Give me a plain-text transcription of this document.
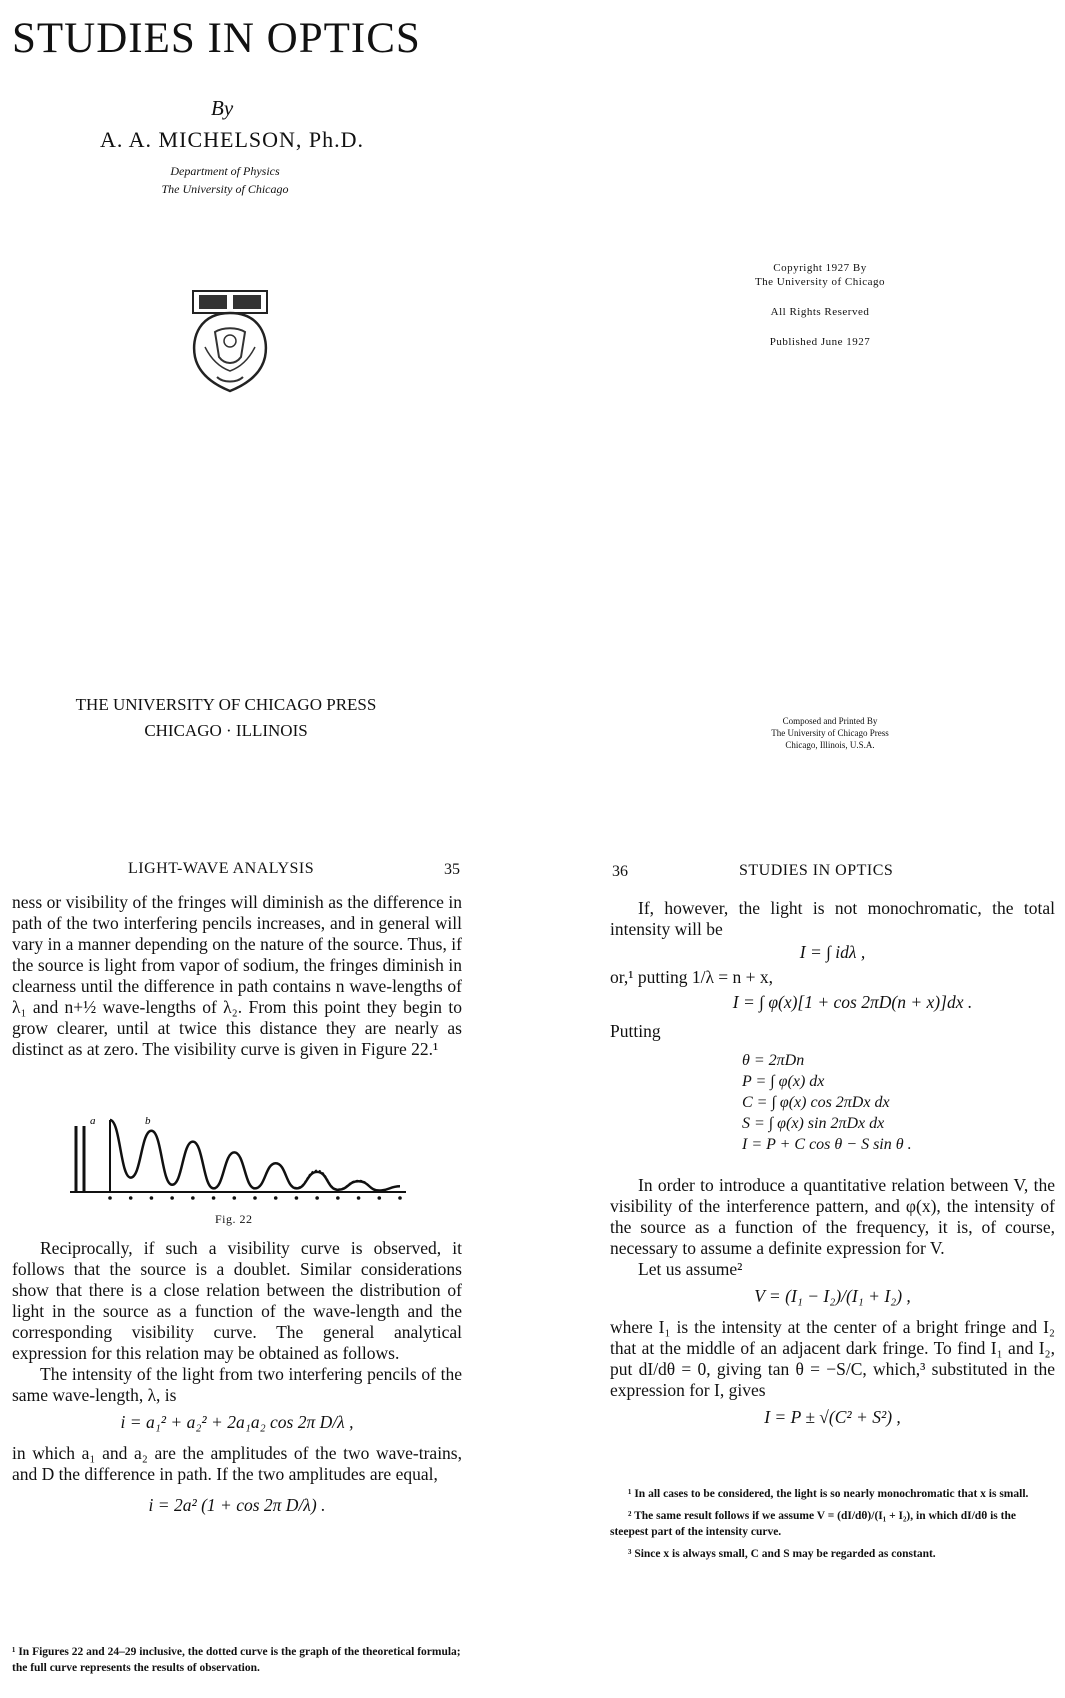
STUDIES IN OPTICS
By
A. A. MICHELSON, Ph.D.
Department of Physics
The University of Chicago
THE UNIVERSITY OF CHICAGO PRESS
CHICAGO · ILLINOIS
Copyright 1927 By
The University of Chicago
All Rights Reserved
Published June 1927
Composed and Printed By
The University of Chicago Press
Chicago, Illinois, U.S.A.
LIGHT-WAVE ANALYSIS	35

ness or visibility of the fringes will diminish as the difference in path of the two interfering pencils increases, and in general will vary in a manner depending on the nature of the source. Thus, if the source is light from vapor of sodium, the fringes diminish in clearness until the difference in path contains n wave-lengths of λ₁ and n+½ wave-lengths of λ₂. From this point they begin to grow clearer, until at twice this distance they are nearly as distinct as at zero. The visibility curve is given in Figure 22.¹

a	b
Fig. 22

Reciprocally, if such a visibility curve is observed, it follows that the source is a doublet. Similar considerations show that there is a close relation between the distribution of light in the source as a function of the wave-length and the corresponding visibility curve. The general analytical expression for this relation may be obtained as follows.

The intensity of the light from two interfering pencils of the same wave-length, λ, is

i = a₁² + a₂² + 2a₁a₂ cos 2π D/λ ,

in which a₁ and a₂ are the amplitudes of the two wave-trains, and D the difference in path. If the two amplitudes are equal,

i = 2a² (1 + cos 2π D/λ) .

¹ In Figures 22 and 24–29 inclusive, the dotted curve is the graph of the theoretical formula; the full curve represents the results of observation.
36	STUDIES IN OPTICS

If, however, the light is not monochromatic, the total intensity will be

I = ∫ idλ ,

or,¹ putting 1/λ = n + x,

I = ∫ φ(x)[1 + cos 2πD(n + x)]dx .

Putting

θ = 2πDn
P = ∫ φ(x) dx
C = ∫ φ(x) cos 2πDx dx
S = ∫ φ(x) sin 2πDx dx
I = P + C cos θ − S sin θ .

In order to introduce a quantitative relation between V, the visibility of the interference pattern, and φ(x), the intensity of the source as a function of the frequency, it is, of course, necessary to assume a definite expression for V.

Let us assume²

V = (I₁ − I₂)/(I₁ + I₂) ,

where I₁ is the intensity at the center of a bright fringe and I₂ that at the middle of an adjacent dark fringe. To find I₁ and I₂, put dI/dθ = 0, giving tan θ = −S/C, which,³ substituted in the expression for I, gives

I = P ± √(C² + S²) ,

¹ In all cases to be considered, the light is so nearly monochromatic that x is small.
² The same result follows if we assume V = (dI/dθ)/(I₁ + I₂), in which dI/dθ is the steepest part of the intensity curve.
³ Since x is always small, C and S may be regarded as constant.
